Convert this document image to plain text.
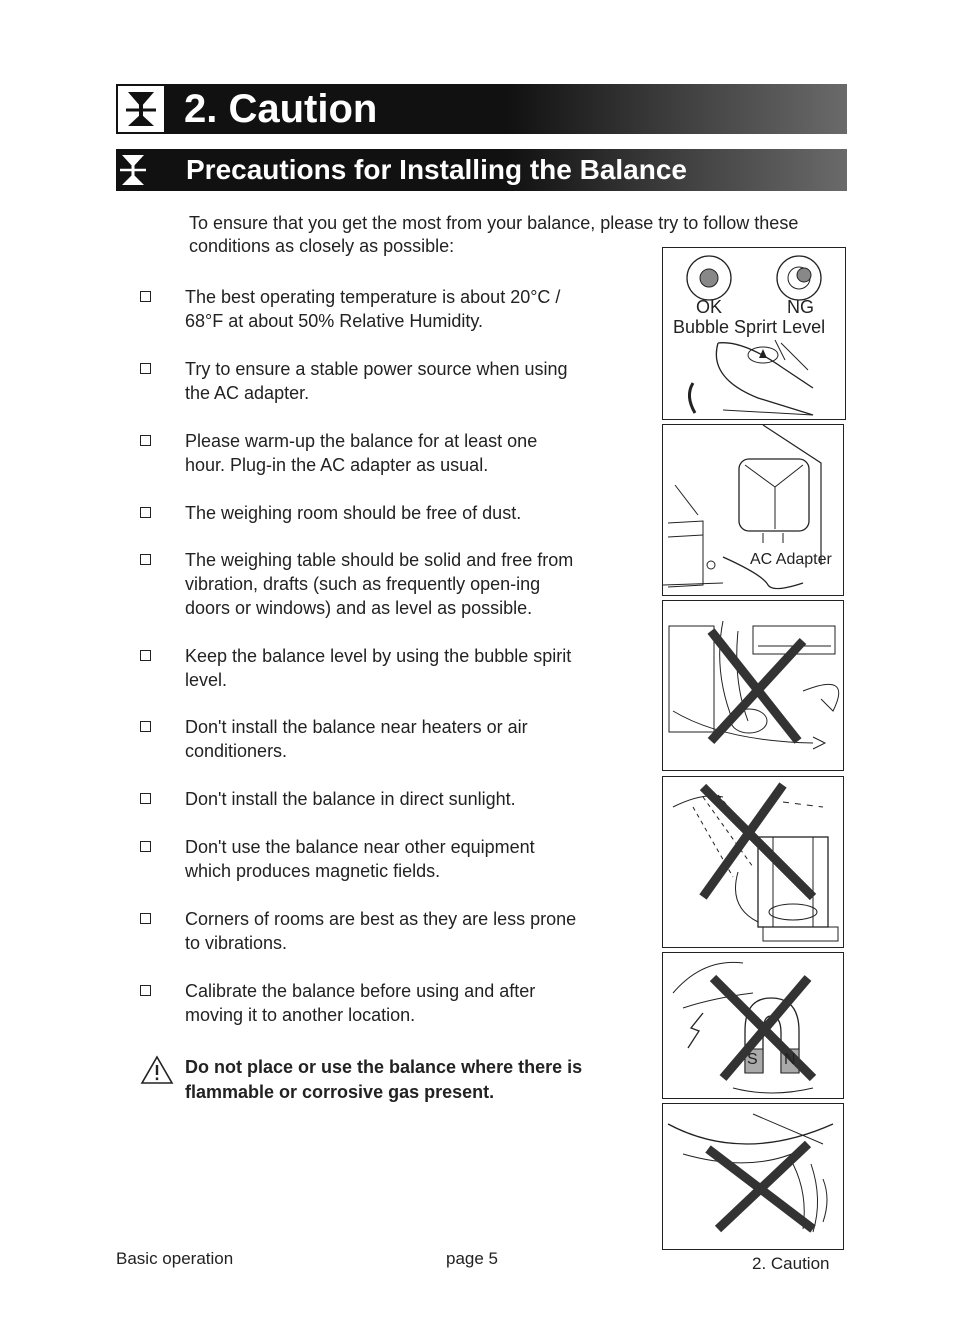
2. Caution
Precautions for Installing the Balance
To ensure that you get the most from your balance, please try to follow these conditions as closely as possible:
The best operating temperature is about 20°C / 68°F at about 50% Relative Humidity.
Try to ensure a stable power source when using the AC adapter.
Please warm-up the balance for at least one hour. Plug-in the AC adapter as usual.
The weighing room should be free of dust.
The weighing table should be solid and free from vibration, drafts (such as frequently open-ing doors or windows) and as level as possible.
Keep the balance level by using the bubble spirit level.
Don't install the balance near heaters or air conditioners.
Don't install the balance in direct sunlight.
Don't use the balance near other equipment which produces magnetic fields.
Corners of rooms are best as they are less prone to vibrations.
Calibrate the balance before using and after moving it to another location.
Do not place or use the balance where there is flammable or corrosive gas present.
OK	NG
Bubble Sprirt Level
AC Adapter
S N
Basic operation	page 5	2. Caution
